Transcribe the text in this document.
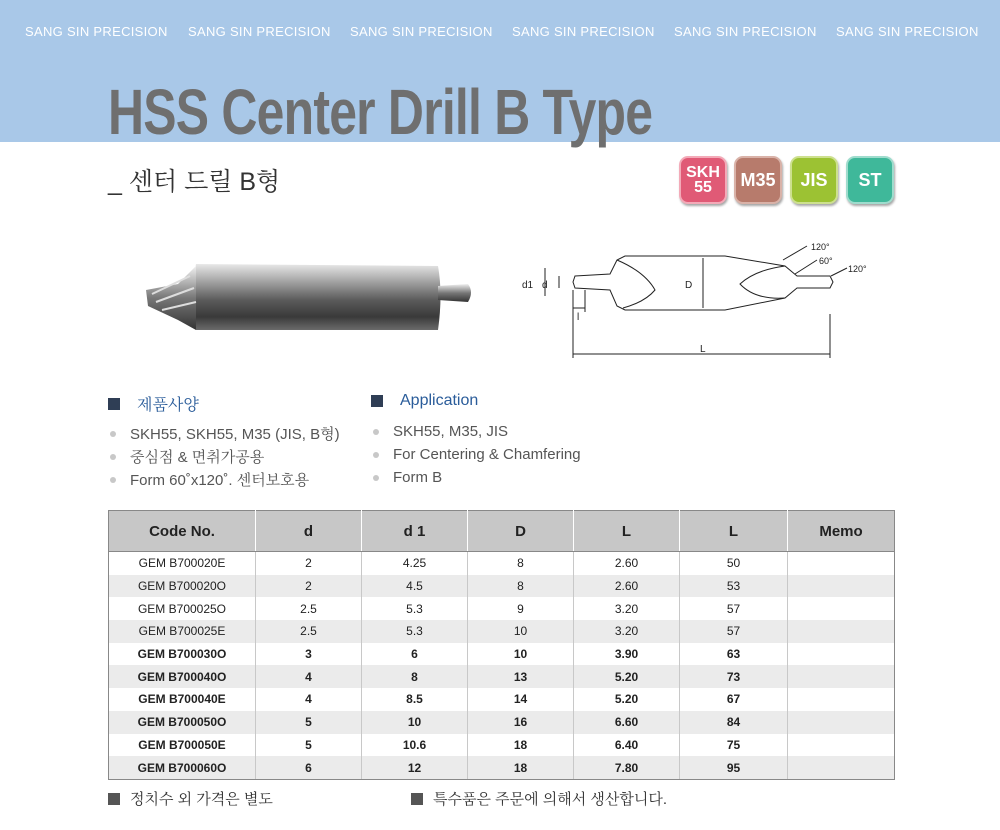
SANG SIN PRECISION SANG SIN PRECISION SANG SIN PRECISION SANG SIN PRECISION SANG SIN PRECISION SANG SIN PRECISION
HSS Center Drill B Type
_ 센터 드릴 B형	SKH
55	M35	JIS	ST
d1 d
l
D
L
120°
60°
120°
제품사양	Application
SKH55, SKH55, M35 (JIS, B형)
중심점 & 면취가공용
Form 60˚x120˚. 센터보호용
SKH55, M35, JIS
For Centering & Chamfering
Form B
Code No.	d	d 1	D	L	L	Memo
GEM B700020E	2	4.25	8	2.60	50	
GEM B700020O	2	4.5	8	2.60	53	
GEM B700025O	2.5	5.3	9	3.20	57	
GEM B700025E	2.5	5.3	10	3.20	57	
GEM B700030O	3	6	10	3.90	63	
GEM B700040O	4	8	13	5.20	73	
GEM B700040E	4	8.5	14	5.20	67	
GEM B700050O	5	10	16	6.60	84	
GEM B700050E	5	10.6	18	6.40	75	
GEM B700060O	6	12	18	7.80	95	
정치수 외 가격은 별도	특수품은 주문에 의해서 생산합니다.
